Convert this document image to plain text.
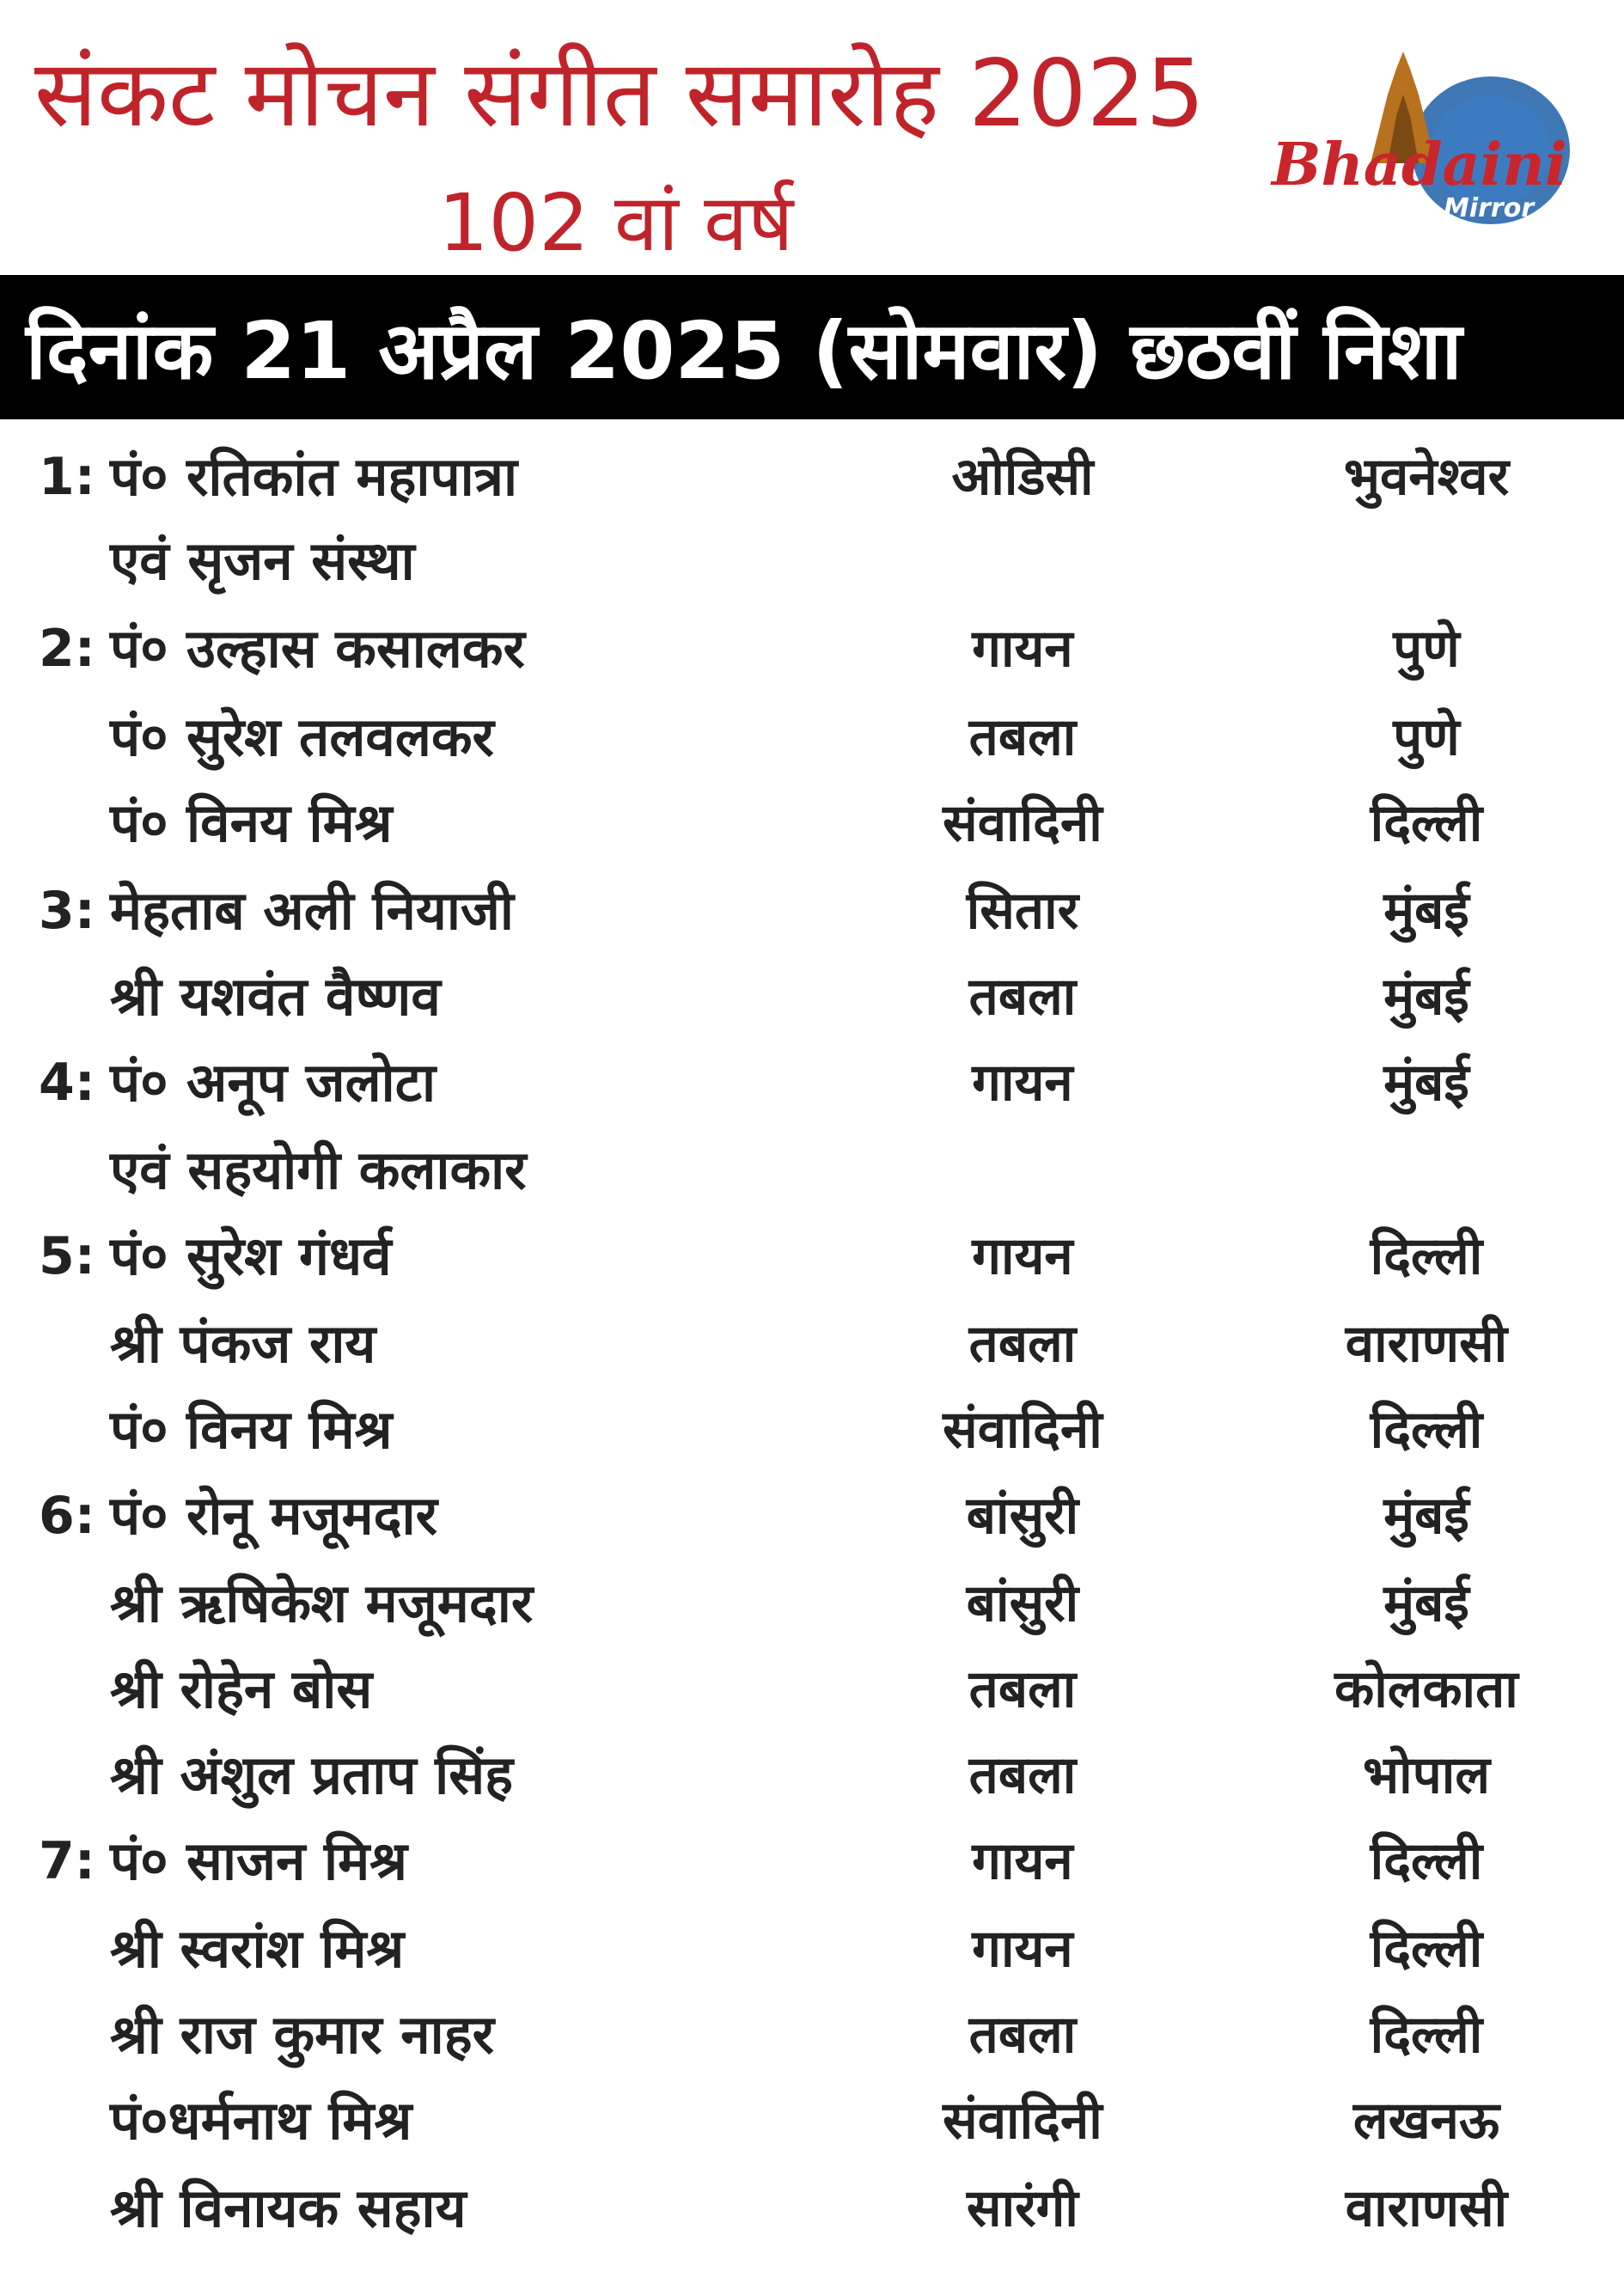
संकट मोचन संगीत समारोह 2025
102 वां वर्ष
Bhadaini
Mirror
दिनांक 21 अप्रैल 2025 (सोमवार) छठवीं निशा
1: पं० रतिकांत महापात्रा	ओडिसी	भुवनेश्वर
एवं सृजन संस्था
2: पं० उल्हास कसालकर	गायन	पुणे
पं० सुरेश तलवलकर	तबला	पुणे
पं० विनय मिश्र	संवादिनी	दिल्ली
3: मेहताब अली नियाजी	सितार	मुंबई
श्री यशवंत वैष्णव	तबला	मुंबई
4: पं० अनूप जलोटा	गायन	मुंबई
एवं सहयोगी कलाकार
5: पं० सुरेश गंधर्व	गायन	दिल्ली
श्री पंकज राय	तबला	वाराणसी
पं० विनय मिश्र	संवादिनी	दिल्ली
6: पं० रोनू मजूमदार	बांसुरी	मुंबई
श्री ऋषिकेश मजूमदार	बांसुरी	मुंबई
श्री रोहेन बोस	तबला	कोलकाता
श्री अंशुल प्रताप सिंह	तबला	भोपाल
7: पं० साजन मिश्र	गायन	दिल्ली
श्री स्वरांश मिश्र	गायन	दिल्ली
श्री राज कुमार नाहर	तबला	दिल्ली
पं०धर्मनाथ मिश्र	संवादिनी	लखनऊ
श्री विनायक सहाय	सारंगी	वाराणसी
